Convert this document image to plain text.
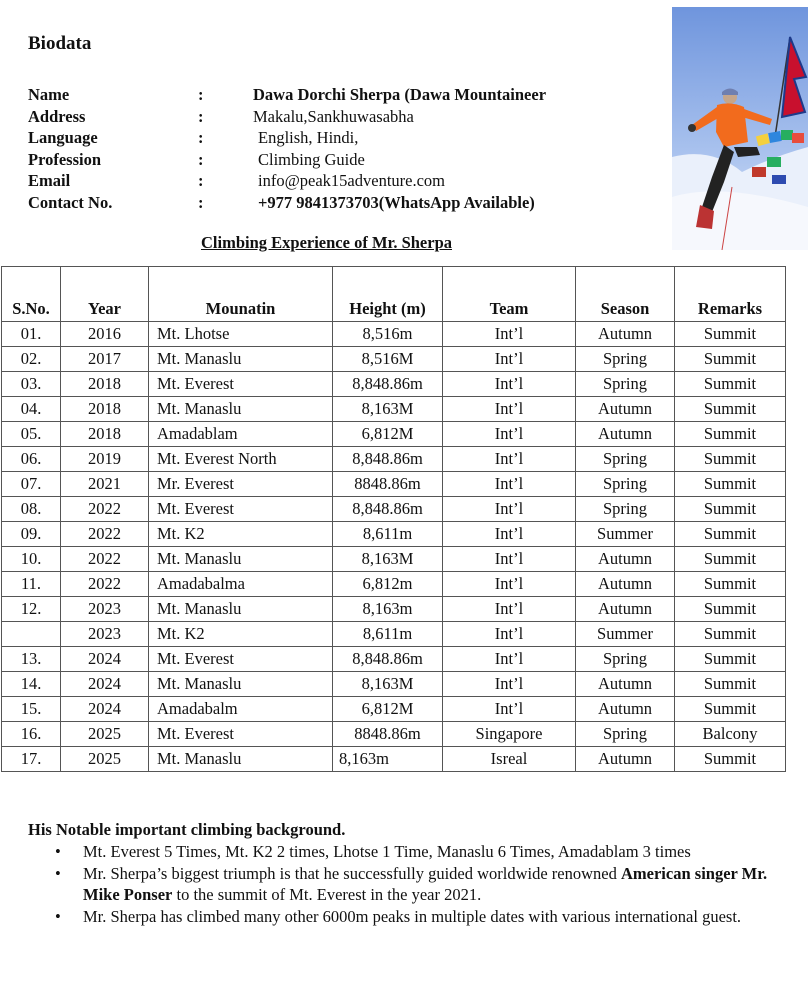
Biodata
Name	:	Dawa Dorchi Sherpa (Dawa Mountaineer
Address	:	Makalu,Sankhuwasabha
Language	:	English, Hindi,
Profession	:	Climbing Guide
Email	:	info@peak15adventure.com
Contact No.	:	+977 9841373703(WhatsApp Available)
Climbing Experience of Mr. Sherpa
S.No.	Year	Mounatin	Height (m)	Team	Season	Remarks
01.	2016	Mt. Lhotse	8,516m	Int’l	Autumn	Summit
02.	2017	Mt. Manaslu	8,516M	Int’l	Spring	Summit
03.	2018	Mt. Everest	8,848.86m	Int’l	Spring	Summit
04.	2018	Mt. Manaslu	8,163M	Int’l	Autumn	Summit
05.	2018	Amadablam	6,812M	Int’l	Autumn	Summit
06.	2019	Mt. Everest North	8,848.86m	Int’l	Spring	Summit
07.	2021	Mr. Everest	8848.86m	Int’l	Spring	Summit
08.	2022	Mt. Everest	8,848.86m	Int’l	Spring	Summit
09.	2022	Mt. K2	8,611m	Int’l	Summer	Summit
10.	2022	Mt. Manaslu	8,163M	Int’l	Autumn	Summit
11.	2022	Amadabalma	6,812m	Int’l	Autumn	Summit
12.	2023	Mt. Manaslu	8,163m	Int’l	Autumn	Summit
	2023	Mt. K2	8,611m	Int’l	Summer	Summit
13.	2024	Mt. Everest	8,848.86m	Int’l	Spring	Summit
14.	2024	Mt. Manaslu	8,163M	Int’l	Autumn	Summit
15.	2024	Amadabalm	6,812M	Int’l	Autumn	Summit
16.	2025	Mt. Everest	8848.86m	Singapore	Spring	Balcony
17.	2025	Mt. Manaslu	8,163m	Isreal	Autumn	Summit
His Notable important climbing background.
• Mt. Everest 5 Times, Mt. K2 2 times, Lhotse 1 Time, Manaslu 6 Times, Amadablam 3 times
• Mr. Sherpa’s biggest triumph is that he successfully guided worldwide renowned American singer Mr. Mike Ponser to the summit of Mt. Everest in the year 2021.
• Mr. Sherpa has climbed many other 6000m peaks in multiple dates with various international guest.
